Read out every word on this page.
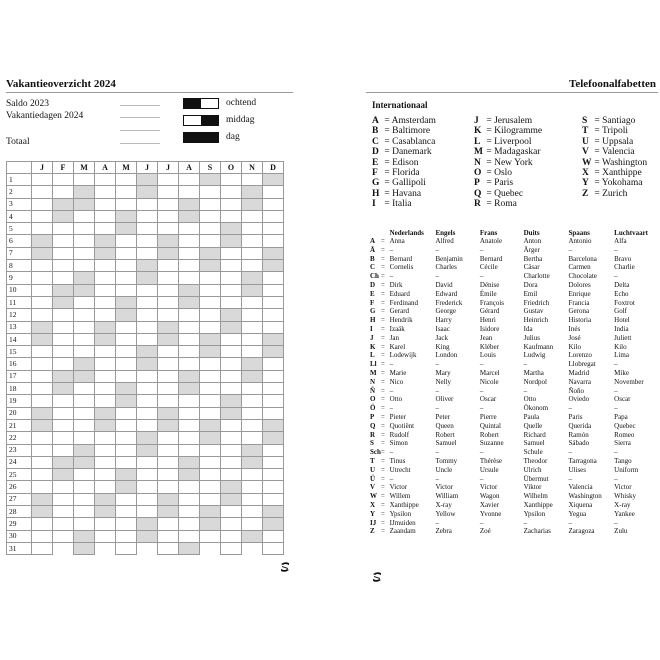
Vakantieoverzicht 2024
Saldo 2023
Vakantiedagen 2024
Totaal
ochtend
middag
dag
	J	F	M	A	M	J	J	A	S	O	N	D
1												
2												
3												
4												
5												
6												
7												
8												
9												
10												
11												
12												
13												
14												
15												
16												
17												
18												
19												
20												
21												
22												
23												
24												
25												
26												
27												
28												
29												
30												
31												
Telefoonalfabetten
Internationaal
A = Amsterdam
B = Baltimore
C = Casablanca
D = Danemark
E = Edison
F = Florida
G = Gallipoli
H = Havana
I = Italia
J = Jerusalem
K = Kilogramme
L = Liverpool
M = Madagaskar
N = New York
O = Oslo
P = Paris
Q = Quebec
R = Roma
S = Santiago
T = Tripoli
U = Uppsala
V = Valencia
W = Washington
X = Xanthippe
Y = Yokohama
Z = Zurich
		Nederlands	Engels	Frans	Duits	Spaans	Luchtvaart
A	=	Anna	Alfred	Anatole	Anton	Antonio	Alfa
Ä	=	–	–	–	Ärger	–	–
B	=	Bernard	Benjamin	Bernard	Bertha	Barcelona	Bravo
C	=	Cornelis	Charles	Cécile	Cäsar	Carmen	Charlie
Ch	=	–	–	–	Charlotte	Chocolate	–
D	=	Dirk	David	Dénise	Dora	Dolores	Delta
E	=	Eduard	Edward	Émile	Emil	Enrique	Echo
F	=	Ferdinand	Frederick	François	Friedrich	Francia	Foxtrot
G	=	Gerard	George	Gérard	Gustav	Gerona	Golf
H	=	Hendrik	Harry	Henri	Heinrich	Historia	Hotel
I	=	Izaäk	Isaac	Isidore	Ida	Inés	India
J	=	Jan	Jack	Jean	Julius	José	Juliett
K	=	Karel	King	Kléber	Kaufmann	Kilo	Kilo
L	=	Lodewijk	London	Louis	Ludwig	Lorenzo	Lima
Ll	=	–	–	–	–	Llobregat	–
M	=	Marie	Mary	Marcel	Martha	Madrid	Mike
N	=	Nico	Nelly	Nicole	Nordpol	Navarra	November
Ñ	=	–	–	–	–	Ñoño	–
O	=	Otto	Oliver	Oscar	Otto	Oviedo	Oscar
Ö	=	–	–	–	Ökonom	–	–
P	=	Pieter	Peter	Pierre	Paula	Paris	Papa
Q	=	Quotiënt	Queen	Quintal	Quelle	Querida	Quebec
R	=	Rudolf	Robert	Robert	Richard	Ramón	Romeo
S	=	Simon	Samuel	Suzanne	Samuel	Sábado	Sierra
Sch	=	–	–	–	Schule	–	–
T	=	Tinus	Tommy	Thérèse	Theodor	Tarragona	Tango
U	=	Utrecht	Uncle	Ursule	Ulrich	Ulises	Uniform
Ü	=	–	–	–	Übermut	–	–
V	=	Victor	Victor	Victor	Viktor	Valencia	Victor
W	=	Willem	William	Wagon	Wilhelm	Washington	Whisky
X	=	Xanthippe	X-ray	Xavier	Xanthippe	Xiquena	X-ray
Y	=	Ypsilon	Yellow	Yvonne	Ypsilon	Yegua	Yankee
IJ	=	IJmuiden	–	–	–	–	–
Z	=	Zaandam	Zebra	Zoé	Zacharias	Zaragoza	Zulu
